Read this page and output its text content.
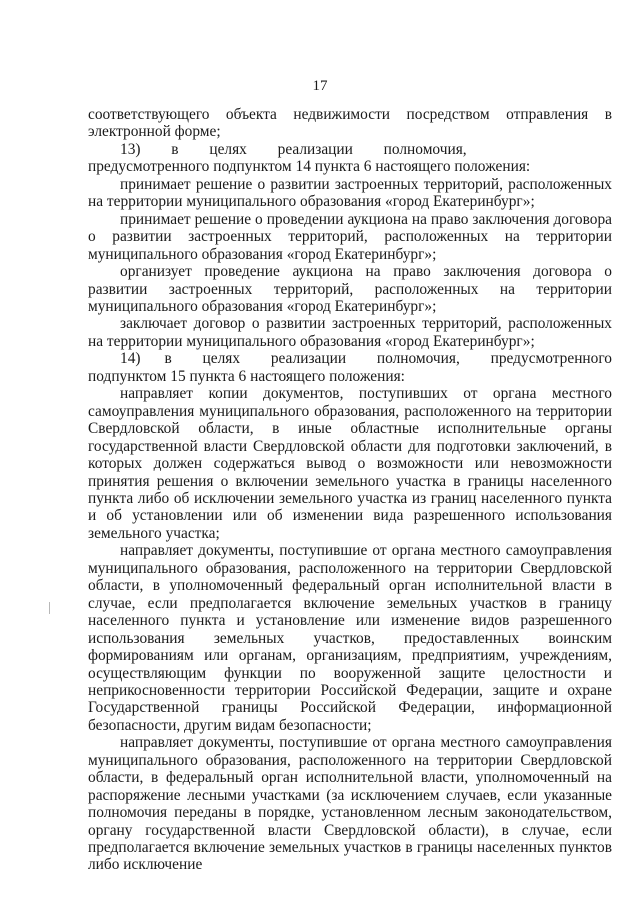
17

соответствующего объекта недвижимости посредством отправления в электронной форме;

13)  в  целях  реализации  полномочия,  предусмотренного подпунктом 14 пункта 6 настоящего положения:

принимает решение о развитии застроенных территорий, расположенных на территории муниципального образования «город Екатеринбург»;

принимает решение о проведении аукциона на право заключения договора о развитии застроенных территорий, расположенных на территории муниципального образования «город Екатеринбург»;

организует проведение аукциона на право заключения договора о развитии застроенных территорий, расположенных на территории муниципального образования «город Екатеринбург»;

заключает договор о развитии застроенных территорий, расположенных на территории муниципального образования «город Екатеринбург»;

14) в  целях  реализации  полномочия,  предусмотренного подпунктом 15 пункта 6 настоящего положения:

направляет копии документов, поступивших от органа местного самоуправления муниципального образования, расположенного на территории Свердловской области, в иные областные исполнительные органы государственной власти Свердловской области для подготовки заключений, в которых должен содержаться вывод о возможности или невозможности принятия решения о включении земельного участка в границы населенного пункта либо об исключении земельного участка из границ населенного пункта и об установлении или об изменении вида разрешенного использования земельного участка;

направляет документы, поступившие от органа местного самоуправления муниципального образования, расположенного на территории Свердловской области, в уполномоченный федеральный орган исполнительной власти в случае, если предполагается включение земельных участков в границу населенного пункта и установление или изменение видов разрешенного использования земельных участков, предоставленных воинским формированиям или органам, организациям, предприятиям, учреждениям, осуществляющим функции по вооруженной защите целостности и неприкосновенности территории Российской Федерации, защите и охране Государственной границы Российской Федерации, информационной безопасности, другим видам безопасности;

направляет документы, поступившие от органа местного самоуправления муниципального образования, расположенного на территории Свердловской области, в федеральный орган исполнительной власти, уполномоченный на распоряжение лесными участками (за исключением случаев, если указанные полномочия переданы в порядке, установленном лесным законодательством, органу государственной власти Свердловской области), в случае, если предполагается включение земельных участков в границы населенных пунктов либо исключение
